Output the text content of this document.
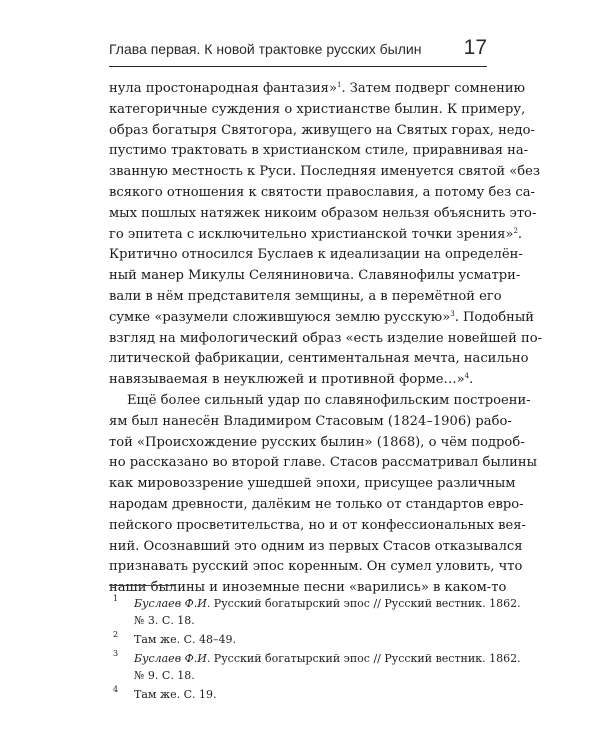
Глава первая. К новой трактовке русских былин 17
нула простонародная фантазия»$^1$. Затем подверг сомнению
категоричные суждения о христианстве былин. К примеру,
образ богатыря Святогора, живущего на Святых горах, недо-
пустимо трактовать в христианском стиле, приравнивая на-
званную местность к Руси. Последняя именуется святой «без
всякого отношения к святости православия, а потому без са-
мых пошлых натяжек никоим образом нельзя объяснить это-
го эпитета с исключительно христианской точки зрения»$^2$.
Критично относился Буслаев к идеализации на определён-
ный манер Микулы Селяниновича. Славянофилы усматри-
вали в нём представителя земщины, а в перемётной его
сумке «разумели сложившуюся землю русскую»$^3$. Подобный
взгляд на мифологический образ «есть изделие новейшей по-
литической фабрикации, сентиментальная мечта, насильно
навязываемая в неуклюжей и противной форме…»$^4$.
Ещё более сильный удар по славянофильским построени-
ям был нанесён Владимиром Стасовым (1824–1906) рабо-
той «Происхождение русских былин» (1868), о чём подроб-
но рассказано во второй главе. Стасов рассматривал былины
как мировоззрение ушедшей эпохи, присущее различным
народам древности, далёким не только от стандартов евро-
пейского просветительства, но и от конфессиональных вея-
ний. Осознавший это одним из первых Стасов отказывался
признавать русский эпос коренным. Он сумел уловить, что
наши былины и иноземные песни «варились» в каком-то
1 Буслаев Ф.И. Русский богатырский эпос // Русский вестник. 1862.
№ 3. С. 18.
2 Там же. С. 48–49.
3 Буслаев Ф.И. Русский богатырский эпос // Русский вестник. 1862.
№ 9. С. 18.
4 Там же. С. 19.
